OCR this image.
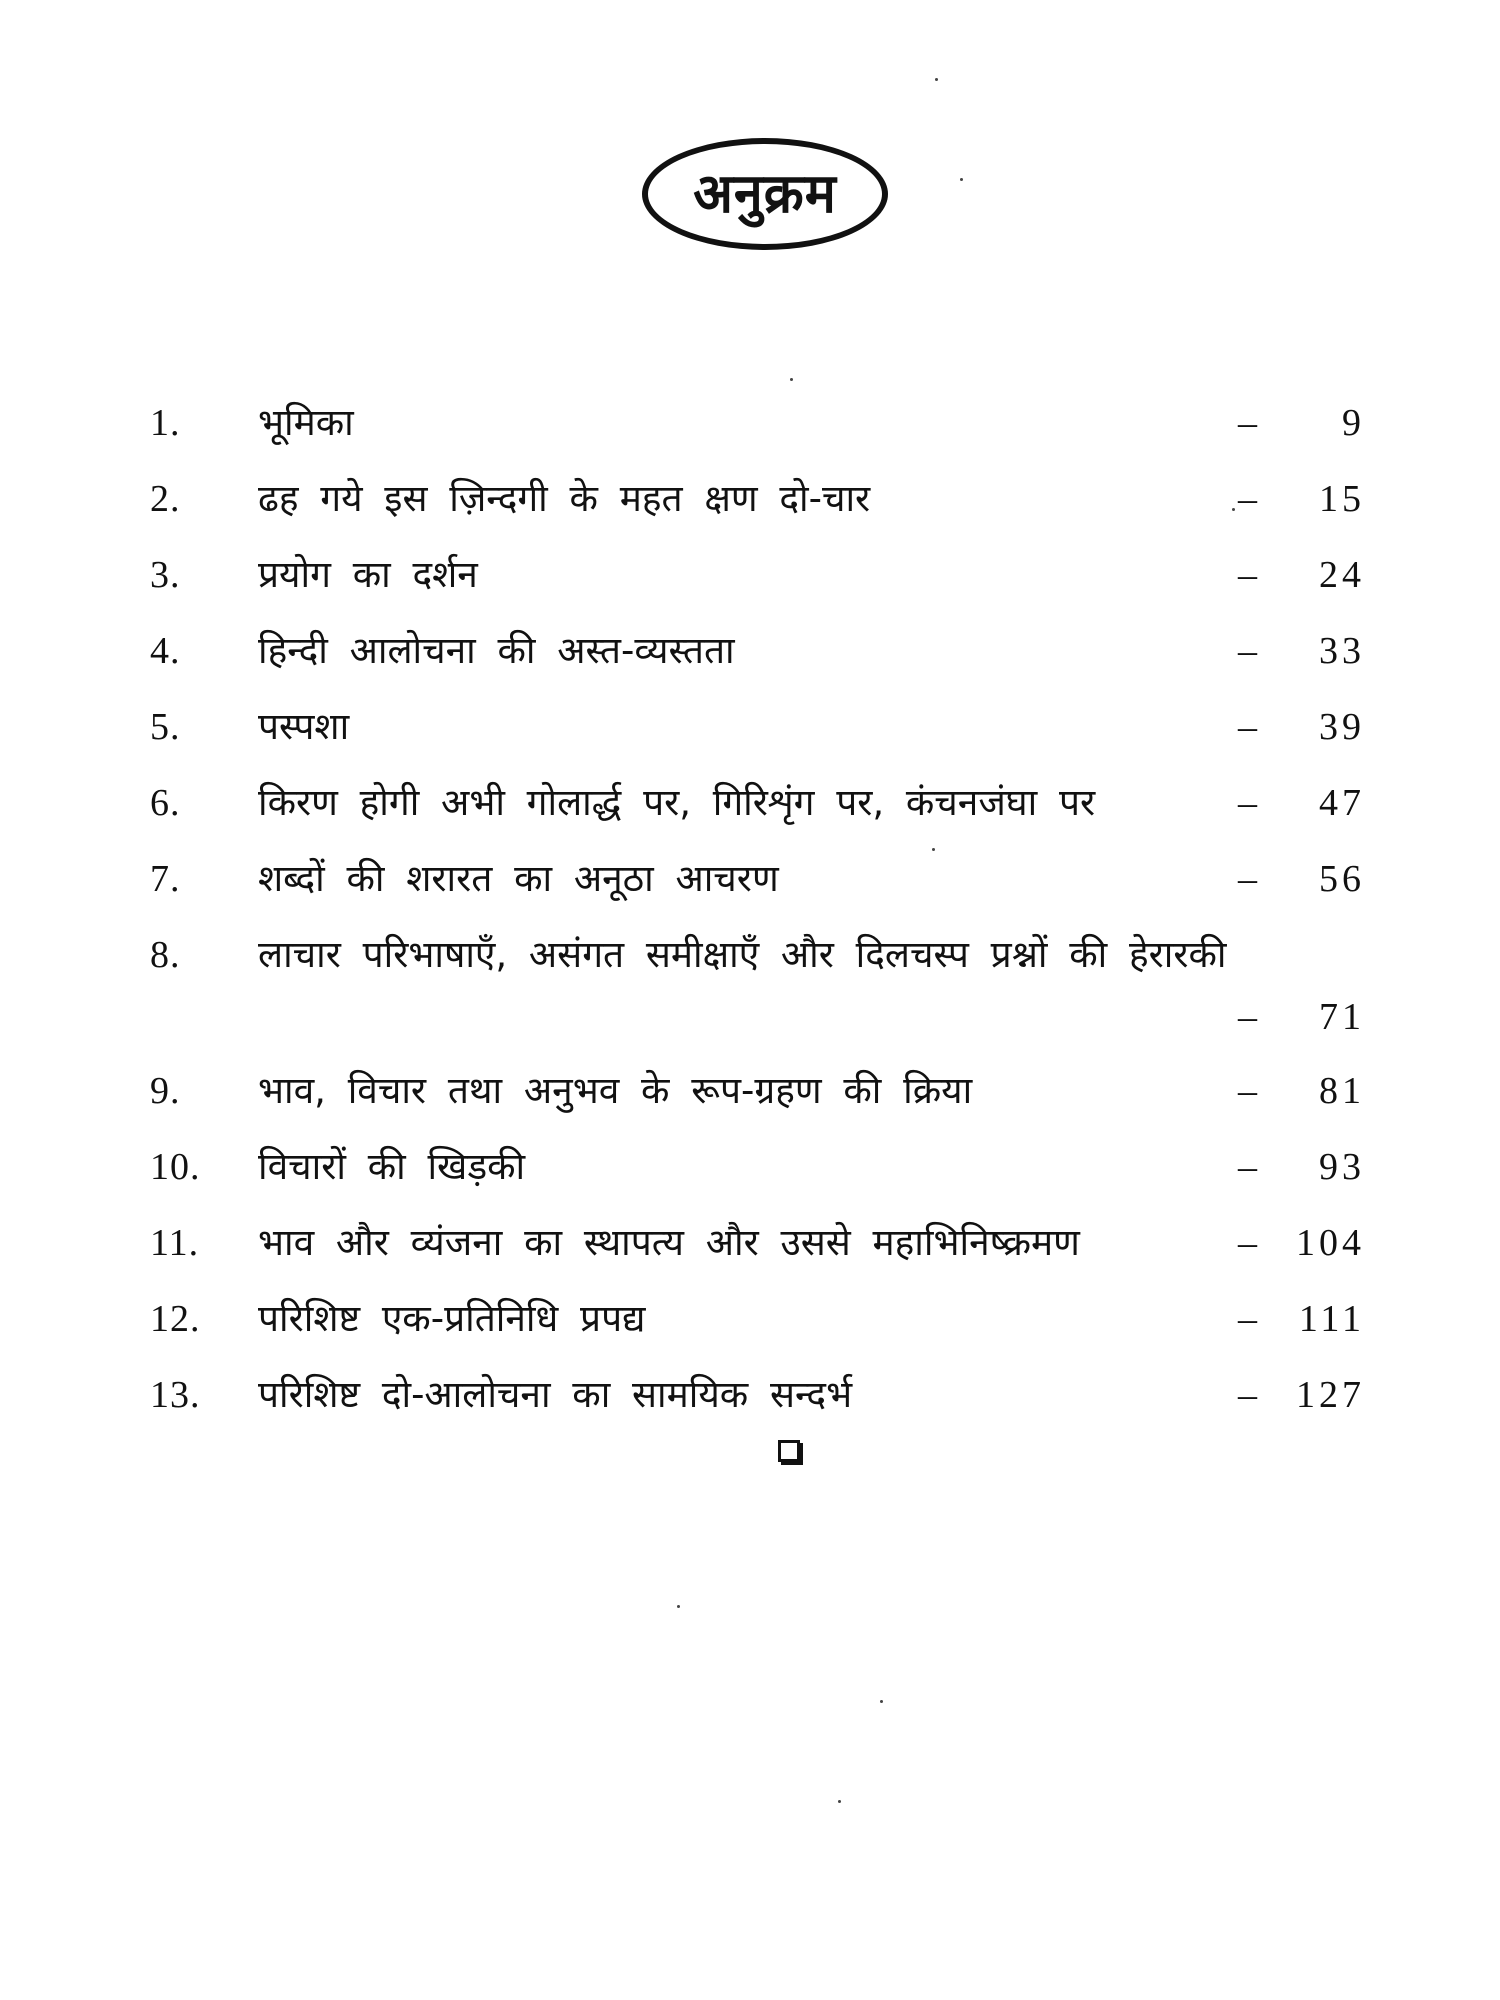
अनुक्रम
1. भूमिका	–	9
2. ढह गये इस ज़िन्दगी के महत क्षण दो-चार	–	15
3. प्रयोग का दर्शन	–	24
4. हिन्दी आलोचना की अस्त-व्यस्तता	–	33
5. पस्पशा	–	39
6. किरण होगी अभी गोलार्द्ध पर, गिरिशृंग पर, कंचनजंघा पर	–	47
7. शब्दों की शरारत का अनूठा आचरण	–	56
8. लाचार परिभाषाएँ, असंगत समीक्षाएँ और दिलचस्प प्रश्नों की हेरारकी
–	71
9. भाव, विचार तथा अनुभव के रूप-ग्रहण की क्रिया	–	81
10. विचारों की खिड़की	–	93
11. भाव और व्यंजना का स्थापत्य और उससे महाभिनिष्क्रमण	–	104
12. परिशिष्ट एक-प्रतिनिधि प्रपद्य	–	111
13. परिशिष्ट दो-आलोचना का सामयिक सन्दर्भ	–	127
